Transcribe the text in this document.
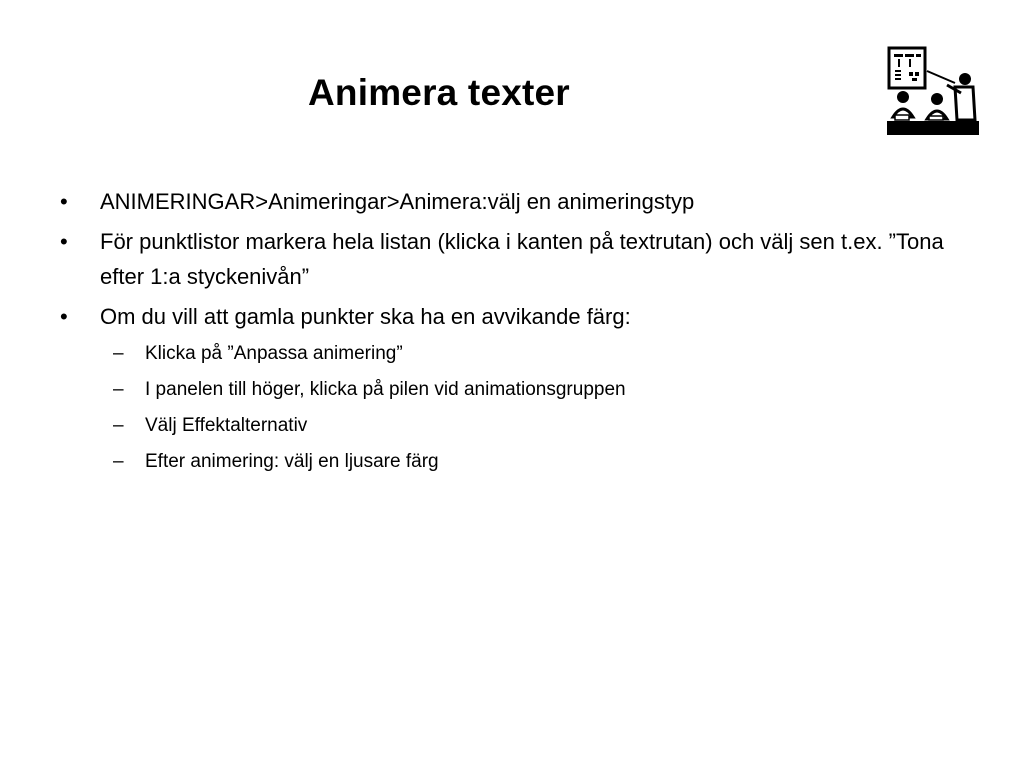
Animera texter
•	ANIMERINGAR>Animeringar>Animera:välj en animeringstyp
•	För punktlistor markera hela listan (klicka i kanten på textrutan) och välj sen t.ex. ”Tona efter 1:a styckenivån”
•	Om du vill att gamla punkter ska ha en avvikande färg:
–	Klicka på ”Anpassa animering”
–	I panelen till höger, klicka på pilen vid animationsgruppen
–	Välj Effektalternativ
–	Efter animering: välj en ljusare färg
